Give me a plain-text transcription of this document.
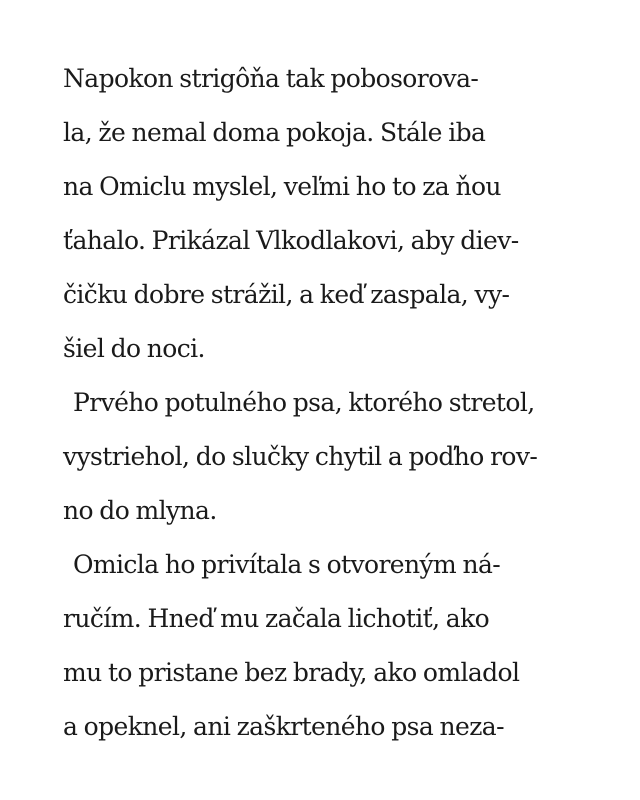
Napokon strigôňa tak pobosorova-
la, že nemal doma pokoja. Stále iba
na Omiclu myslel, veľmi ho to za ňou
ťahalo. Prikázal Vlkodlakovi, aby diev-
čičku dobre strážil, a keď zaspala, vy-
šiel do noci.
Prvého potulného psa, ktorého stretol,
vystriehol, do slučky chytil a poďho rov-
no do mlyna.
Omicla ho privítala s otvoreným ná-
ručím. Hneď mu začala lichotiť, ako
mu to pristane bez brady, ako omladol
a opeknel, ani zaškrteného psa neza-
